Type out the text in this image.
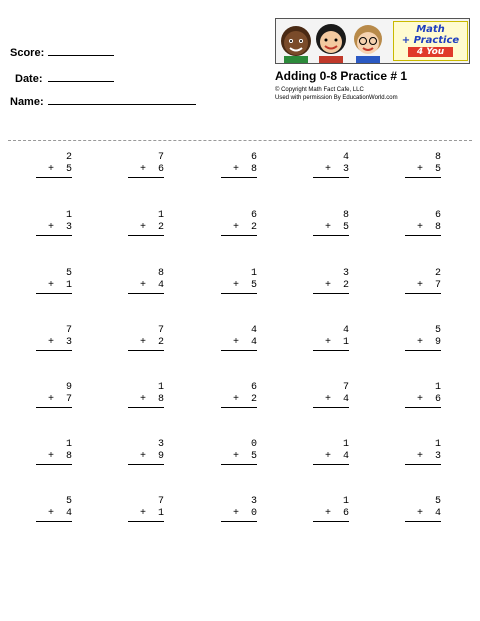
Score:
Date:
Name:
Math
+ Practice
4 You
Adding 0-8 Practice # 1
© Copyright Math Fact Cafe, LLC
Used with permission By EducationWorld.com
2
+  5
7
+  6
6
+  8
4
+  3
8
+  5
1
+  3
1
+  2
6
+  2
8
+  5
6
+  8
5
+  1
8
+  4
1
+  5
3
+  2
2
+  7
7
+  3
7
+  2
4
+  4
4
+  1
5
+  9
9
+  7
1
+  8
6
+  2
7
+  4
1
+  6
1
+  8
3
+  9
0
+  5
1
+  4
1
+  3
5
+  4
7
+  1
3
+  0
1
+  6
5
+  4
